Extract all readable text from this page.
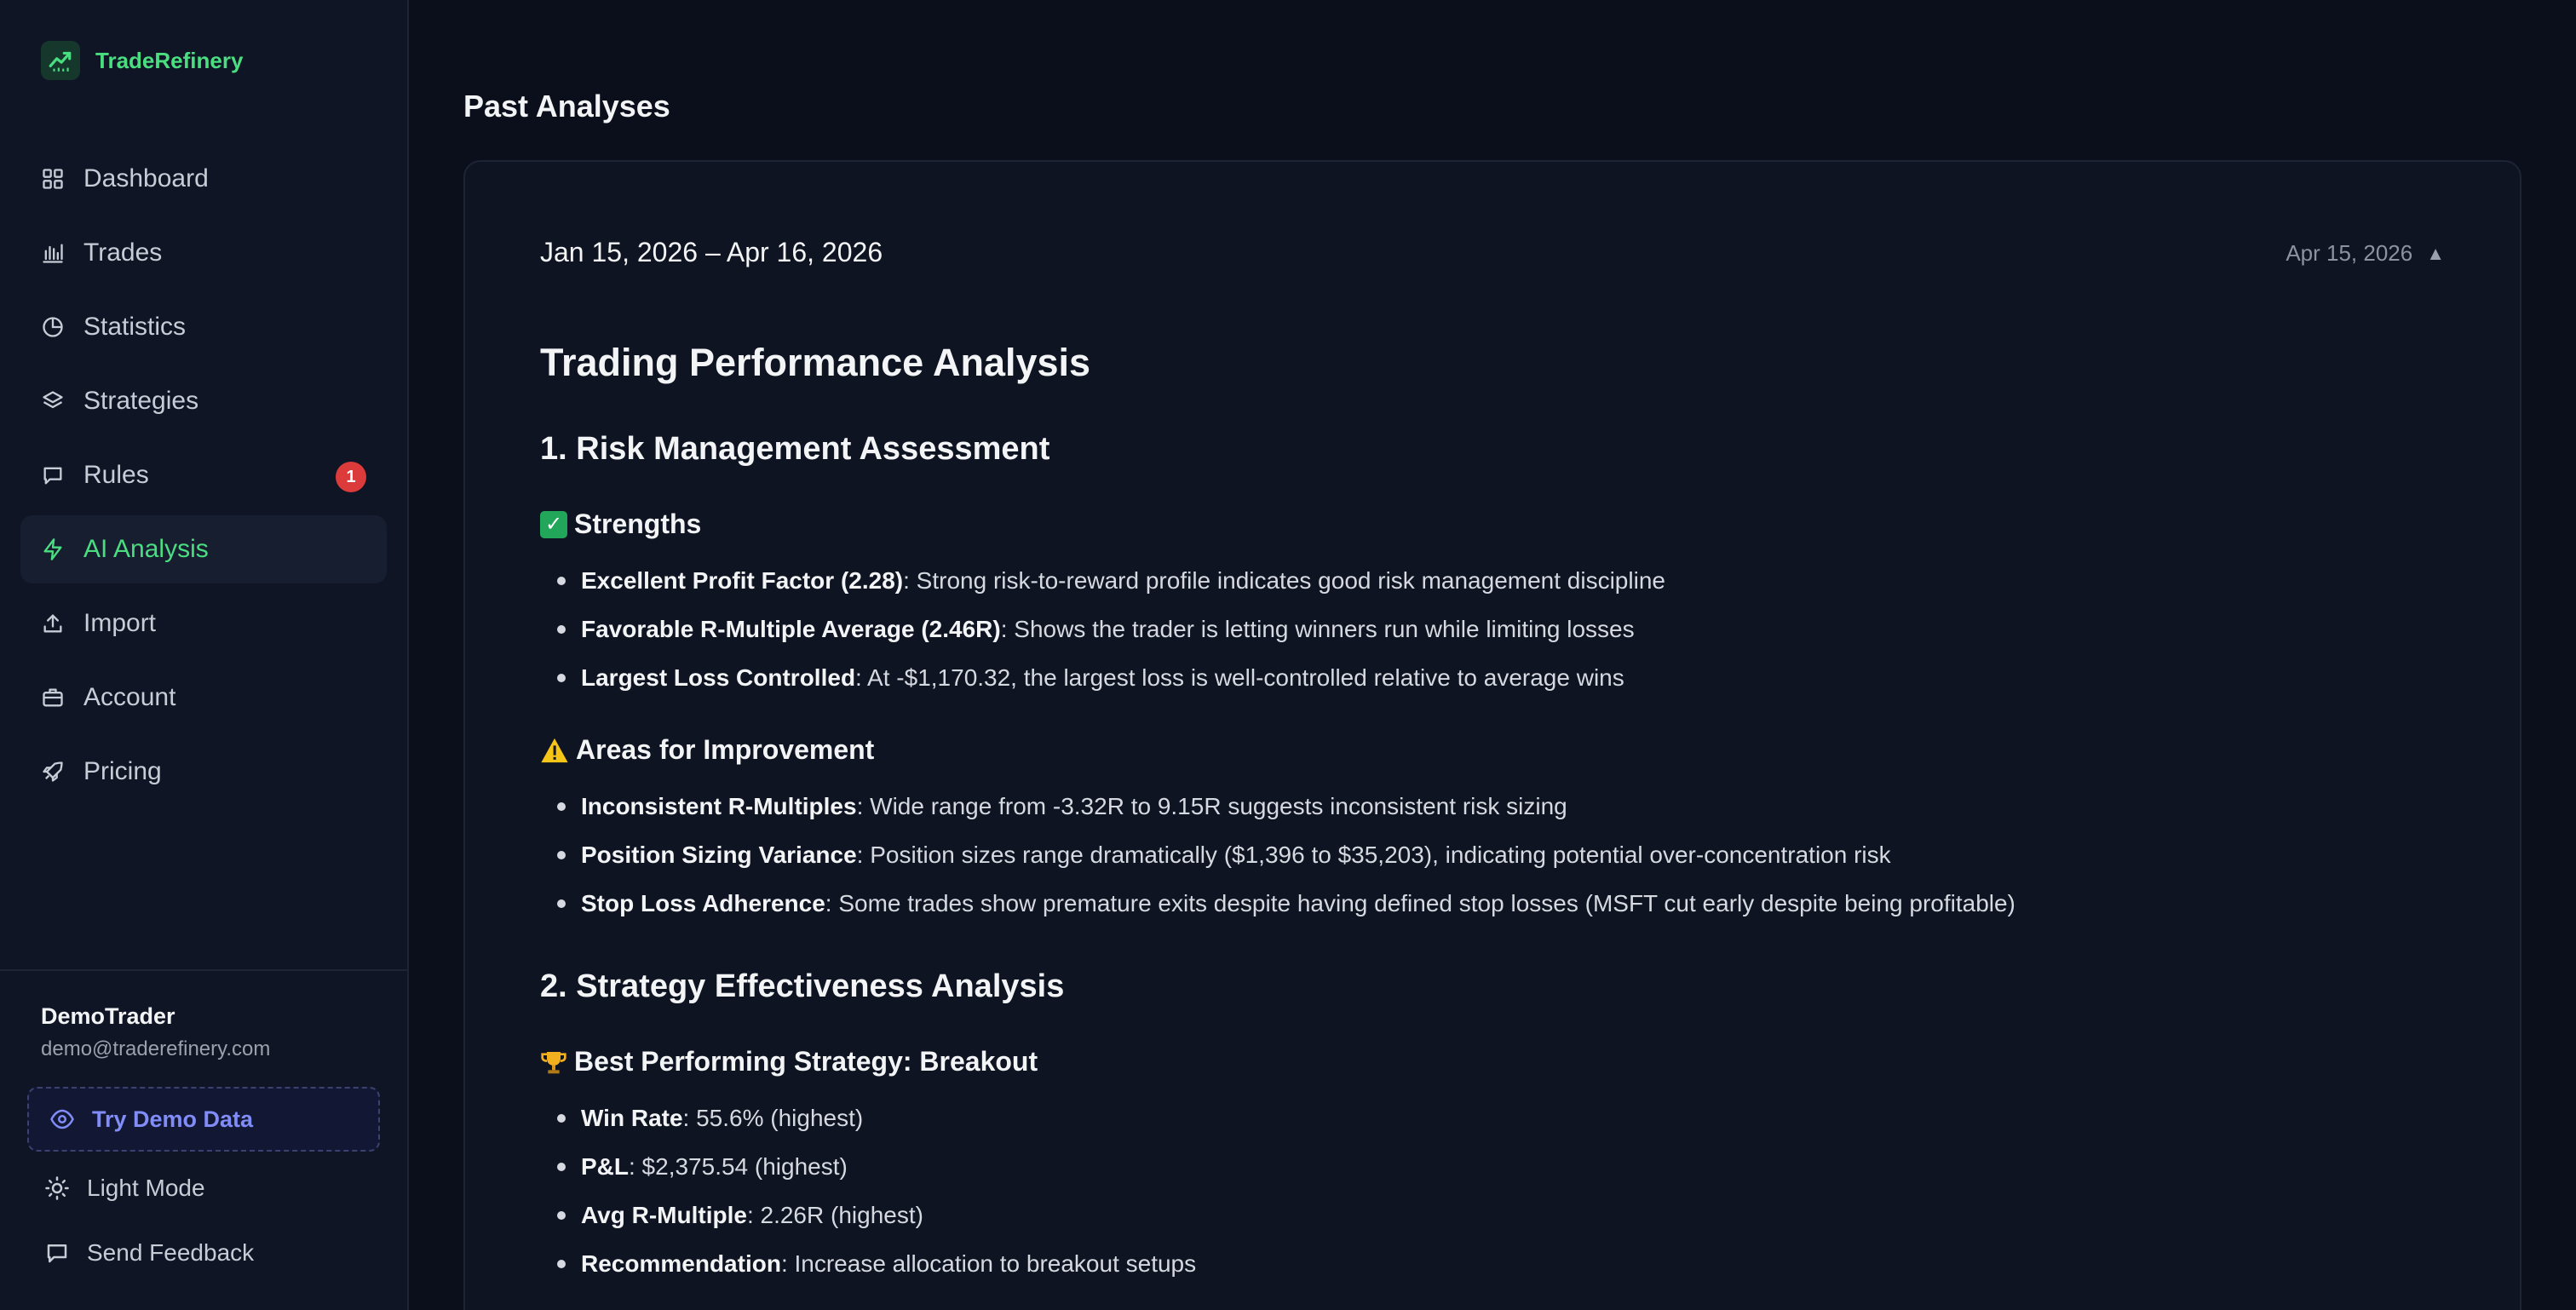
TradeRefinery
Dashboard
Trades
Statistics
Strategies
Rules	1
AI Analysis
Import
Account
Pricing
DemoTrader
demo@traderefinery.com
Try Demo Data
Light Mode
Send Feedback
Past Analyses
Jan 15, 2026 – Apr 16, 2026	Apr 15, 2026 ▲
Trading Performance Analysis
1. Risk Management Assessment
✓ Strengths
Excellent Profit Factor (2.28) : Strong risk-to-reward profile indicates good risk management discipline
Favorable R-Multiple Average (2.46R) : Shows the trader is letting winners run while limiting losses
Largest Loss Controlled : At -$1,170.32, the largest loss is well-controlled relative to average wins
Areas for Improvement
Inconsistent R-Multiples : Wide range from -3.32R to 9.15R suggests inconsistent risk sizing
Position Sizing Variance : Position sizes range dramatically ($1,396 to $35,203), indicating potential over-concentration risk
Stop Loss Adherence : Some trades show premature exits despite having defined stop losses (MSFT cut early despite being profitable)
2. Strategy Effectiveness Analysis
Best Performing Strategy: Breakout
Win Rate : 55.6% (highest)
P&L : $2,375.54 (highest)
Avg R-Multiple : 2.26R (highest)
Recommendation : Increase allocation to breakout setups
